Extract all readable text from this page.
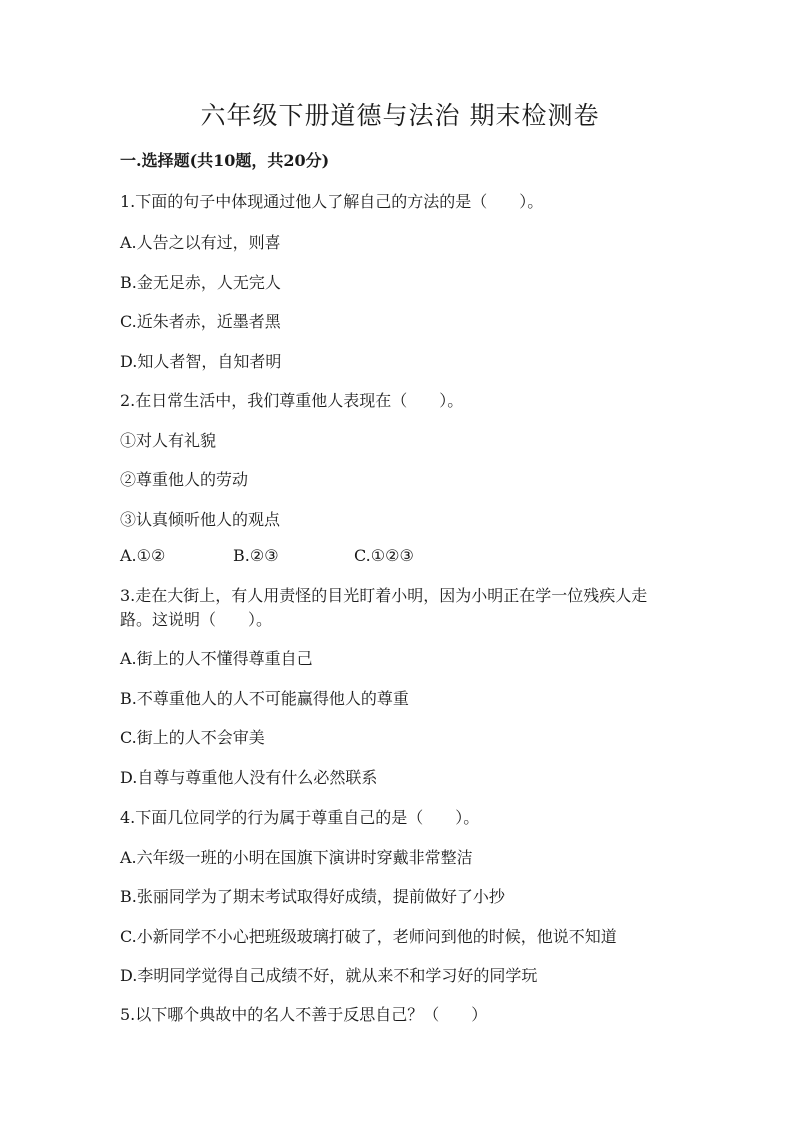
六年级下册道德与法治 期末检测卷
一.选择题(共10题，共20分)
1.下面的句子中体现通过他人了解自己的方法的是（　　）。
A.人告之以有过，则喜
B.金无足赤，人无完人
C.近朱者赤，近墨者黑
D.知人者智，自知者明
2.在日常生活中，我们尊重他人表现在（　　）。
①对人有礼貌
②尊重他人的劳动
③认真倾听他人的观点
A.①②	B.②③	C.①②③
3.走在大街上，有人用责怪的目光盯着小明，因为小明正在学一位残疾人走路。这说明（　　）。
A.街上的人不懂得尊重自己
B.不尊重他人的人不可能赢得他人的尊重
C.街上的人不会审美
D.自尊与尊重他人没有什么必然联系
4.下面几位同学的行为属于尊重自己的是（　　）。
A.六年级一班的小明在国旗下演讲时穿戴非常整洁
B.张丽同学为了期末考试取得好成绩，提前做好了小抄
C.小新同学不小心把班级玻璃打破了，老师问到他的时候，他说不知道
D.李明同学觉得自己成绩不好，就从来不和学习好的同学玩
5.以下哪个典故中的名人不善于反思自己？（　　）
